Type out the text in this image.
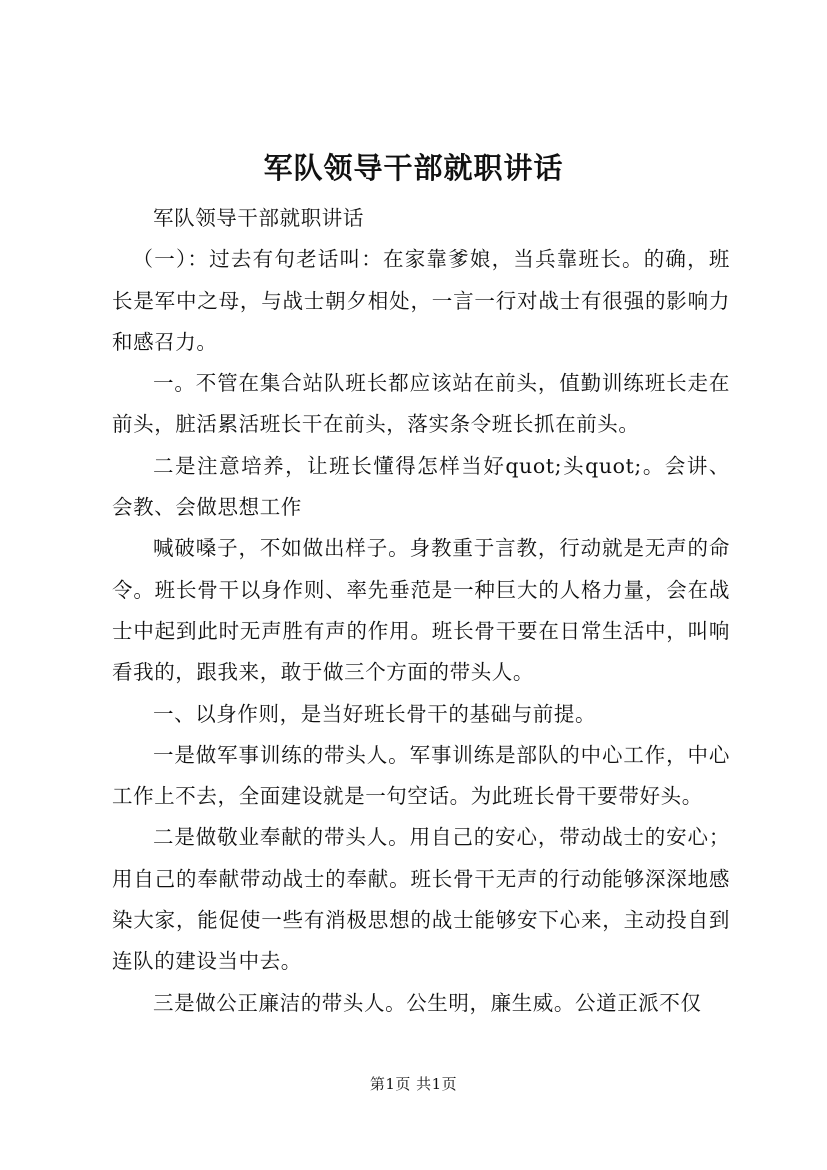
军队领导干部就职讲话

军队领导干部就职讲话

（一）：过去有句老话叫：在家靠爹娘，当兵靠班长。的确，班长是军中之母，与战士朝夕相处，一言一行对战士有很强的影响力和感召力。

一。不管在集合站队班长都应该站在前头，值勤训练班长走在前头，脏活累活班长干在前头，落实条令班长抓在前头。

二是注意培养，让班长懂得怎样当好quot;头quot;。会讲、会教、会做思想工作

喊破嗓子，不如做出样子。身教重于言教，行动就是无声的命令。班长骨干以身作则、率先垂范是一种巨大的人格力量，会在战士中起到此时无声胜有声的作用。班长骨干要在日常生活中，叫响看我的，跟我来，敢于做三个方面的带头人。

一、以身作则，是当好班长骨干的基础与前提。

一是做军事训练的带头人。军事训练是部队的中心工作，中心工作上不去，全面建设就是一句空话。为此班长骨干要带好头。

二是做敬业奉献的带头人。用自己的安心，带动战士的安心；用自己的奉献带动战士的奉献。班长骨干无声的行动能够深深地感染大家，能促使一些有消极思想的战士能够安下心来，主动投自到连队的建设当中去。

三是做公正廉洁的带头人。公生明，廉生威。公道正派不仅

第1页 共1页
